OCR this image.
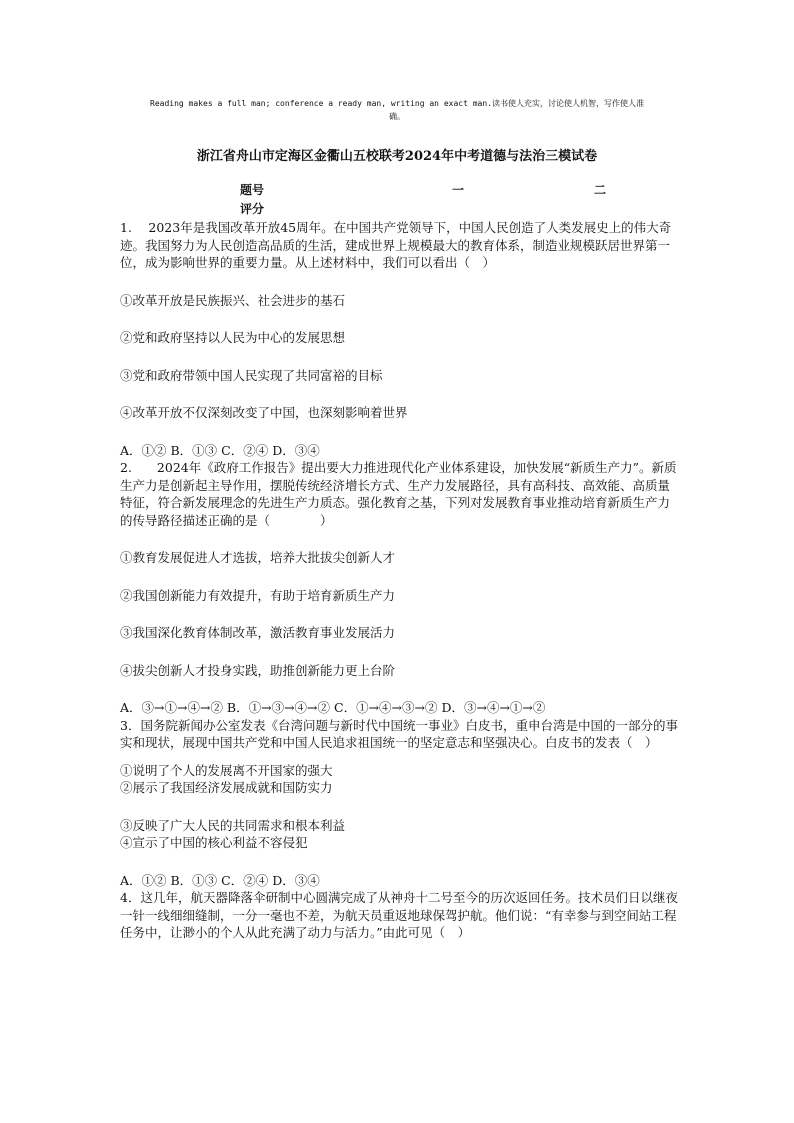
Reading makes a full man; conference a ready man, writing an exact man.读书使人充实，讨论使人机智，写作使人准
确。
浙江省舟山市定海区金衢山五校联考2024年中考道德与法治三模试卷
题号	一	二
评分

1.　 2023年是我国改革开放45周年。在中国共产党领导下，中国人民创造了人类发展史上的伟大奇迹。我国努力为人民创造高品质的生活，建成世界上规模最大的教育体系，制造业规模跃居世界第一位，成为影响世界的重要力量。从上述材料中，我们可以看出（　）

①改革开放是民族振兴、社会进步的基石

②党和政府坚持以人民为中心的发展思想

③党和政府带领中国人民实现了共同富裕的目标

④改革开放不仅深刻改变了中国，也深刻影响着世界

A．①② B．①③ C．②④ D．③④

2.　　2024年《政府工作报告》提出要大力推进现代化产业体系建设，加快发展“新质生产力”。新质生产力是创新起主导作用，摆脱传统经济增长方式、生产力发展路径，具有高科技、高效能、高质量特征，符合新发展理念的先进生产力质态。强化教育之基，下列对发展教育事业推动培育新质生产力的传导路径描述正确的是（　　　　）

①教育发展促进人才选拔，培养大批拔尖创新人才

②我国创新能力有效提升，有助于培育新质生产力

③我国深化教育体制改革，激活教育事业发展活力

④拔尖创新人才投身实践，助推创新能力更上台阶

A．③→①→④→② B．①→③→④→② C．①→④→③→② D．③→④→①→②

3．国务院新闻办公室发表《台湾问题与新时代中国统一事业》白皮书，重申台湾是中国的一部分的事实和现状，展现中国共产党和中国人民追求祖国统一的坚定意志和坚强决心。白皮书的发表（　）

①说明了个人的发展离不开国家的强大

②展示了我国经济发展成就和国防实力

③反映了广大人民的共同需求和根本利益

④宣示了中国的核心利益不容侵犯

A．①② B．①③ C．②④ D．③④

4．这几年，航天器降落伞研制中心圆满完成了从神舟十二号至今的历次返回任务。技术员们日以继夜一针一线细细缝制，一分一毫也不差，为航天员重返地球保驾护航。他们说：“有幸参与到空间站工程任务中，让渺小的个人从此充满了动力与活力。”由此可见（　）
